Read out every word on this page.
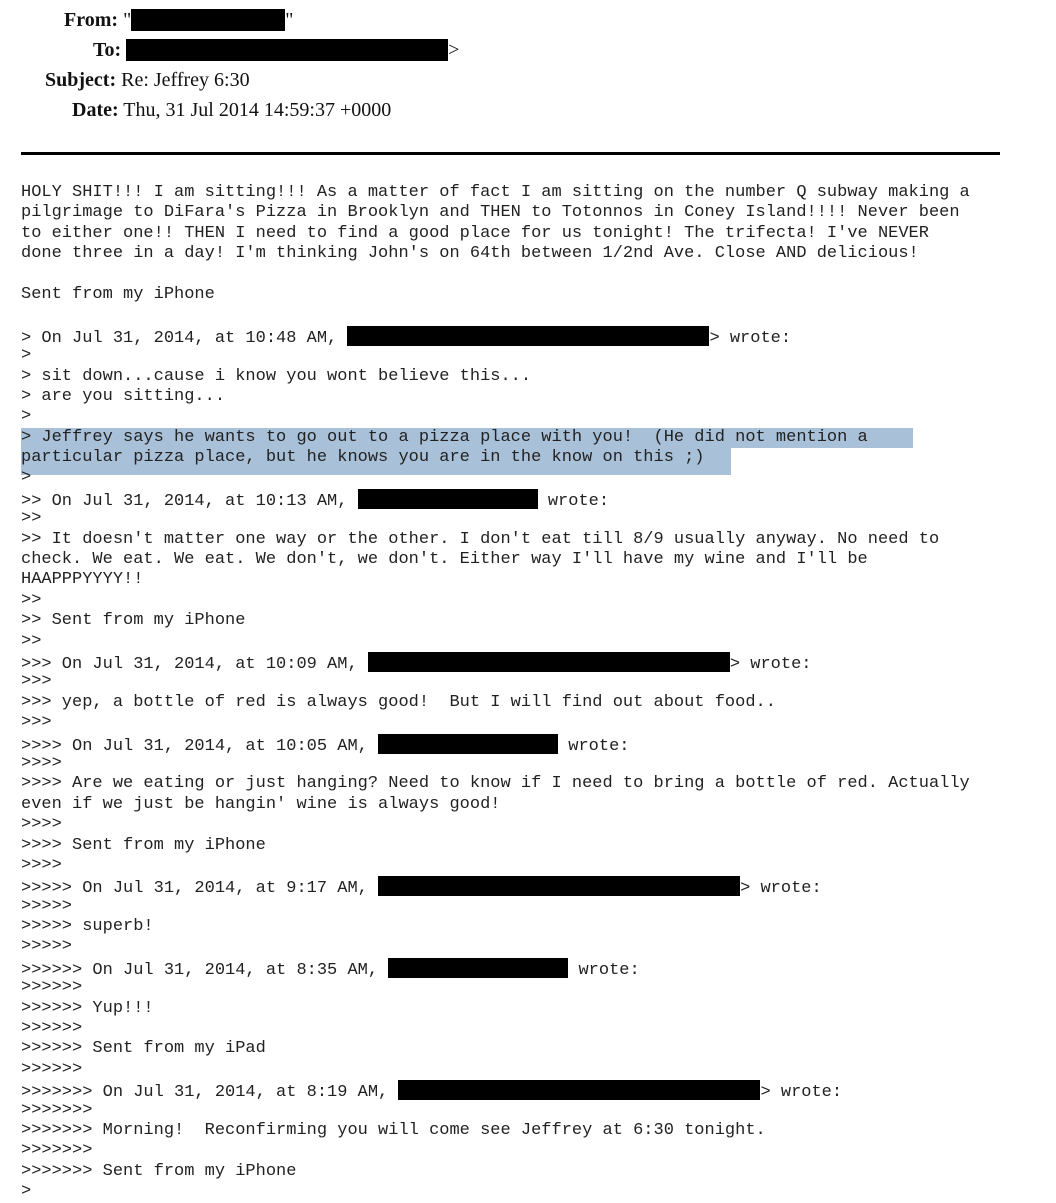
From: "	"
To:	>
Subject: Re: Jeffrey 6:30
Date: Thu, 31 Jul 2014 14:59:37 +0000
HOLY SHIT!!! I am sitting!!! As a matter of fact I am sitting on the number Q subway making a
pilgrimage to DiFara's Pizza in Brooklyn and THEN to Totonnos in Coney Island!!!! Never been
to either one!! THEN I need to find a good place for us tonight! The trifecta! I've NEVER
done three in a day! I'm thinking John's on 64th between 1/2nd Ave. Close AND delicious!
Sent from my iPhone
> On Jul 31, 2014, at 10:48 AM,	> wrote:
>
> sit down...cause i know you wont believe this...
> are you sitting...
>
> Jeffrey says he wants to go out to a pizza place with you!  (He did not mention a
particular pizza place, but he knows you are in the know on this ;)
>
>> On Jul 31, 2014, at 10:13 AM,	wrote:
>>
>> It doesn't matter one way or the other. I don't eat till 8/9 usually anyway. No need to
check. We eat. We eat. We don't, we don't. Either way I'll have my wine and I'll be
HAAPPPYYYY!!
>>
>> Sent from my iPhone
>>
>>> On Jul 31, 2014, at 10:09 AM,	> wrote:
>>>
>>> yep, a bottle of red is always good!  But I will find out about food..
>>>
>>>> On Jul 31, 2014, at 10:05 AM,	wrote:
>>>>
>>>> Are we eating or just hanging? Need to know if I need to bring a bottle of red. Actually
even if we just be hangin' wine is always good!
>>>>
>>>> Sent from my iPhone
>>>>
>>>>> On Jul 31, 2014, at 9:17 AM,	> wrote:
>>>>>
>>>>> superb!
>>>>>
>>>>>> On Jul 31, 2014, at 8:35 AM,	wrote:
>>>>>>
>>>>>> Yup!!!
>>>>>>
>>>>>> Sent from my iPad
>>>>>>
>>>>>>> On Jul 31, 2014, at 8:19 AM,	> wrote:
>>>>>>>
>>>>>>> Morning!  Reconfirming you will come see Jeffrey at 6:30 tonight.
>>>>>>>
>>>>>>> Sent from my iPhone
>
